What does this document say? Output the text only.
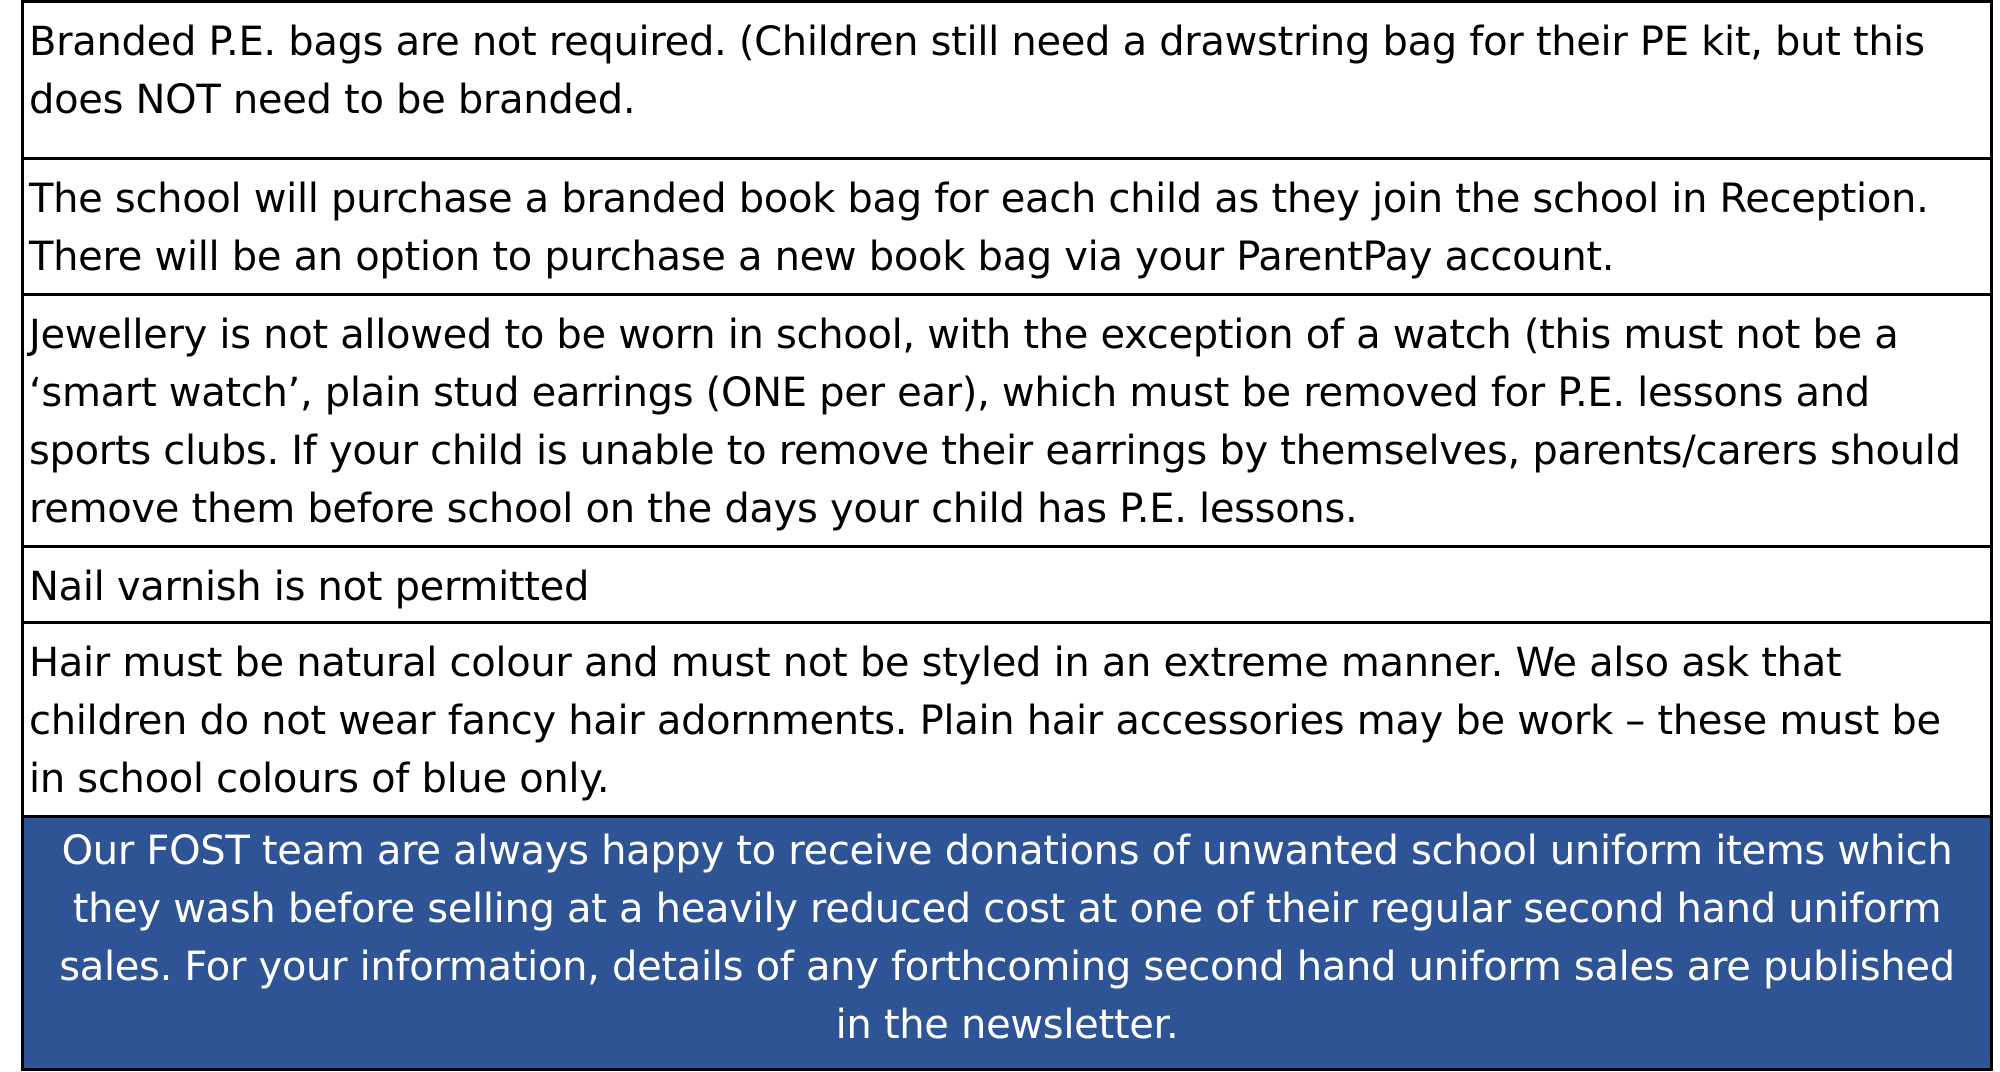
Branded P.E. bags are not required. (Children still need a drawstring bag for their PE kit, but this does NOT need to be branded.
The school will purchase a branded book bag for each child as they join the school in Reception. There will be an option to purchase a new book bag via your ParentPay account.
Jewellery is not allowed to be worn in school, with the exception of a watch (this must not be a ‘smart watch’, plain stud earrings (ONE per ear), which must be removed for P.E. lessons and sports clubs. If your child is unable to remove their earrings by themselves, parents/carers should remove them before school on the days your child has P.E. lessons.
Nail varnish is not permitted
Hair must be natural colour and must not be styled in an extreme manner. We also ask that children do not wear fancy hair adornments. Plain hair accessories may be work – these must be in school colours of blue only.
Our FOST team are always happy to receive donations of unwanted school uniform items which they wash before selling at a heavily reduced cost at one of their regular second hand uniform sales. For your information, details of any forthcoming second hand uniform sales are published in the newsletter.
